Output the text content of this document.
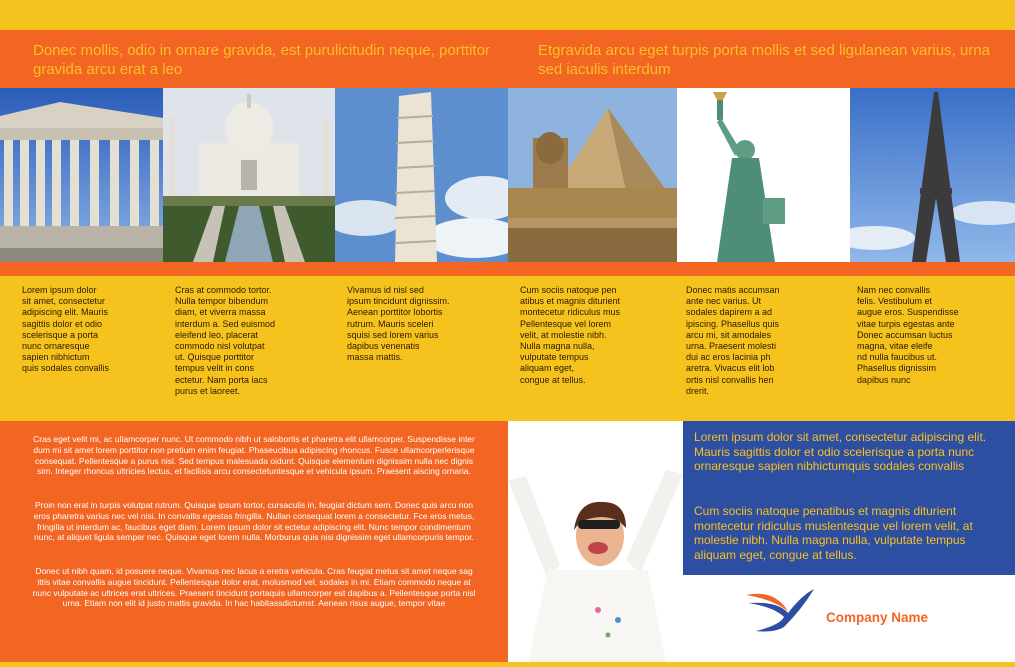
Donec mollis, odio in ornare gravida, est purulicitudin neque, porttitor gravida arcu erat a leo
Etgravida arcu eget turpis porta mollis et sed ligulanean varius, urna sed iaculis interdum
Lorem ipsum dolor
sit amet, consectetur
adipiscing elit. Mauris
sagittis dolor et odio
scelerisque a porta
nunc ornaresque
sapien nibhictum
quis sodales convallis
Cras at commodo tortor.
Nulla tempor bibendum
diam, et viverra massa
interdum a. Sed euismod
eleifend leo, placerat
commodo nisl volutpat
ut. Quisque porttitor
tempus velit in cons
ectetur. Nam porta iacs
purus et laoreet.
Vivamus id nisl sed
ipsum tincidunt dignissim.
Aenean porttitor lobortis
rutrum. Mauris sceleri
squisi sed lorem varius
dapibus venenatis
massa mattis.
Cum sociis natoque pen
atibus et magnis diturient
montecetur ridiculus mus
Pellentesque vel lorem
velit, at molestie nibh.
Nulla magna nulla,
vulputate tempus
aliquam eget,
congue at tellus.
Donec matis accumsan
ante nec varius. Ut
sodales dapirem a ad
ipiscing. Phasellus quis
arcu mi, sit amodales
urna. Praesent molesti
dui ac eros lacinia ph
aretra. Vivacus elit lob
ortis nisl convallis hen
drerit.
Nam nec convallis
felis. Vestibulum et
augue eros. Suspendisse
vitae turpis egestas ante
Donec accumsan luctus
magna, vitae eleife
nd nulla faucibus ut.
Phasellus dignissim
dapibus nunc
Cras eget velit mi, ac ullamcorper nunc. Ut commodo nibh ut salobortis et pharetra elit ullamcorper. Suspendisse inter dum mi sit amet lorem porttitor non pretium enim feugiat. Phaseucibus adipiscing rhoncus. Fusce ullamcorperlerisque consequat. Pellentesque a purus nisl. Sed tempus malesuada oidunt. Quisque elementum dignissim nulla nec dignis sim. Integer rhoncus ultricies lectus, et facilisis arcu consectetuntesque et vehicula ipsum. Praesent aiscing ornaria.
Proin non erat in turpis volutpat rutrum. Quisque ipsum tortor, cursaculis in, feugiat dictum sem. Donec quis arcu non eros pharetra varius nec vel nisi. In convallis egestas fringilla. Nullan consequat lorem a consectetur. Fce eros metus, fringilla ut interdum ac, faucibus eget diam. Lorem ipsum dolor sit ectetur adipiscing elit. Nunc tempor condimentum nunc, at aliquet ligula semper nec. Quisque eget lorem nulla. Morburus quis nisi dignissim eget ullamcorpuris tempor.
Donec ut nibh quam, id posuere neque. Vivamus nec lacus a eretra vehicula. Cras feugiat metus sit amet neque sag ittis vitae convallis augue tincidunt. Pellentesque dolor erat, molusmod vel, sodales in mi. Etiam commodo neque at nunc vulputate ac ultrices erat ultrices. Praesent tincidunt portaquis ullamcorper est dapibus a. Pellentesque porta nisl urna. Etiam non elit id justo mattis gravida. In hac habitassdictumst. Aenean risus augue, tempor vitae
Lorem ipsum dolor sit amet, consectetur adipiscing elit. Mauris sagittis dolor et odio scelerisque a porta nunc ornaresque sapien nibhictumquis sodales convallis
Cum sociis natoque penatibus et magnis diturient montecetur ridiculus muslentesque vel lorem velit, at molestie nibh. Nulla magna nulla, vulputate tempus aliquam eget, congue at tellus.
Company Name
